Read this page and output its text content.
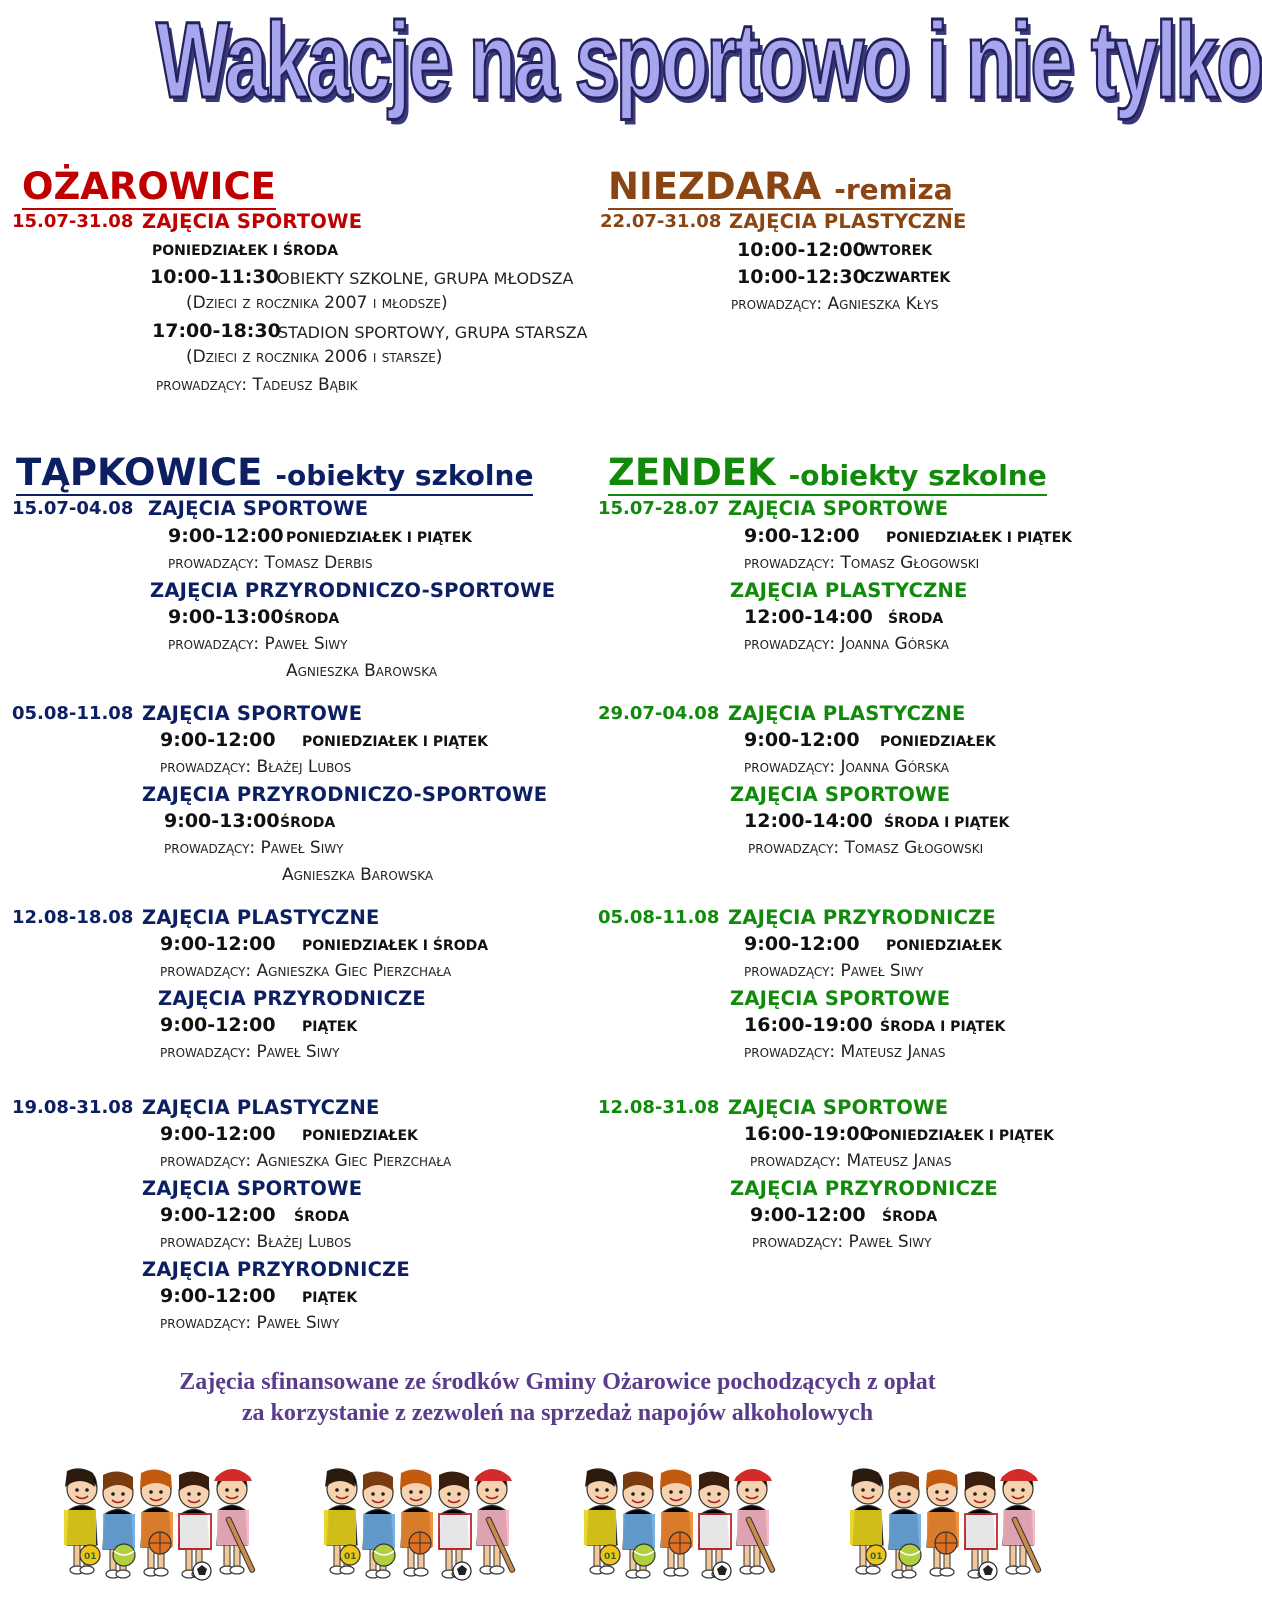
Wakacje na sportowo i nie tylko
OŻAROWICE
15.07-31.08 ZAJĘCIA SPORTOWE
PONIEDZIAŁEK I ŚRODA
10:00-11:30
OBIEKTY SZKOLNE, GRUPA MŁODSZA
(Dzieci z rocznika 2007 i młodsze)
17:00-18:30
STADION SPORTOWY, GRUPA STARSZA
(Dzieci z rocznika 2006 i starsze)
prowadzący: Tadeusz Bąbik
NIEZDARA -remiza
22.07-31.08 ZAJĘCIA PLASTYCZNE
10:00-12:00
WTOREK
10:00-12:30
CZWARTEK
prowadzący: Agnieszka Kłys
TĄPKOWICE -obiekty szkolne
15.07-04.08 ZAJĘCIA SPORTOWE
9:00-12:00 PONIEDZIAŁEK I PIĄTEK
prowadzący: Tomasz Derbis
ZAJĘCIA PRZYRODNICZO-SPORTOWE
9:00-13:00 ŚRODA
prowadzący: Paweł Siwy
Agnieszka Barowska
05.08-11.08 ZAJĘCIA SPORTOWE
9:00-12:00 PONIEDZIAŁEK I PIĄTEK
prowadzący: Błażej Lubos
ZAJĘCIA PRZYRODNICZO-SPORTOWE
9:00-13:00 ŚRODA
prowadzący: Paweł Siwy
Agnieszka Barowska
12.08-18.08 ZAJĘCIA PLASTYCZNE
9:00-12:00 PONIEDZIAŁEK I ŚRODA
prowadzący: Agnieszka Giec Pierzchała
ZAJĘCIA PRZYRODNICZE
9:00-12:00 PIĄTEK
prowadzący: Paweł Siwy
19.08-31.08 ZAJĘCIA PLASTYCZNE
9:00-12:00 PONIEDZIAŁEK
prowadzący: Agnieszka Giec Pierzchała
ZAJĘCIA SPORTOWE
9:00-12:00 ŚRODA
prowadzący: Błażej Lubos
ZAJĘCIA PRZYRODNICZE
9:00-12:00 PIĄTEK
prowadzący: Paweł Siwy
ZENDEK -obiekty szkolne
15.07-28.07 ZAJĘCIA SPORTOWE
9:00-12:00 PONIEDZIAŁEK I PIĄTEK
prowadzący: Tomasz Głogowski
ZAJĘCIA PLASTYCZNE
12:00-14:00 ŚRODA
prowadzący: Joanna Górska
29.07-04.08 ZAJĘCIA PLASTYCZNE
9:00-12:00 PONIEDZIAŁEK
prowadzący: Joanna Górska
ZAJĘCIA SPORTOWE
12:00-14:00 ŚRODA I PIĄTEK
prowadzący: Tomasz Głogowski
05.08-11.08 ZAJĘCIA PRZYRODNICZE
9:00-12:00 PONIEDZIAŁEK
prowadzący: Paweł Siwy
ZAJĘCIA SPORTOWE
16:00-19:00 ŚRODA I PIĄTEK
prowadzący: Mateusz Janas
12.08-31.08 ZAJĘCIA SPORTOWE
16:00-19:00
PONIEDZIAŁEK I PIĄTEK
prowadzący: Mateusz Janas
ZAJĘCIA PRZYRODNICZE
9:00-12:00 ŚRODA
prowadzący: Paweł Siwy
Zajęcia sfinansowane ze środków Gminy Ożarowice pochodzących z opłat
za korzystanie z zezwoleń na sprzedaż napojów alkoholowych
